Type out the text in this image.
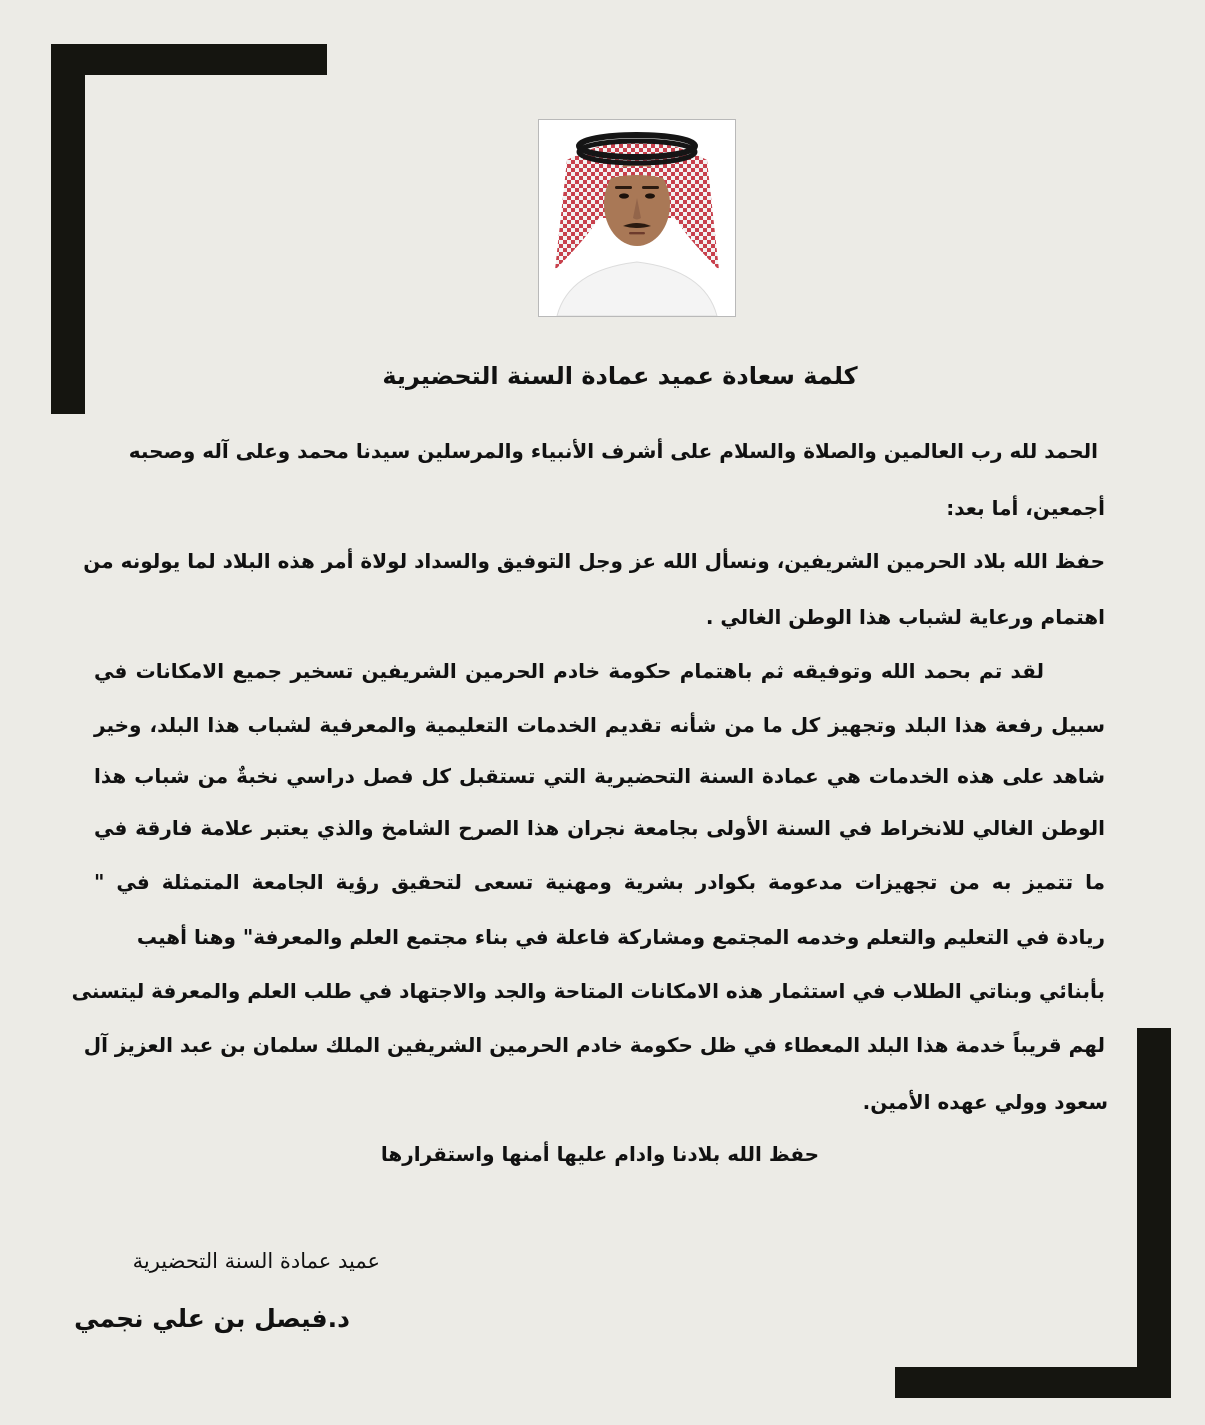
كلمة سعادة عميد عمادة السنة التحضيرية
الحمد لله رب العالمين والصلاة والسلام على أشرف الأنبياء والمرسلين سيدنا محمد وعلى آله وصحبه
أجمعين، أما بعد:
حفظ الله بلاد الحرمين الشريفين، ونسأل الله عز وجل التوفيق والسداد لولاة أمر هذه البلاد لما يولونه من
اهتمام ورعاية لشباب هذا الوطن الغالي .
لقد تم بحمد الله وتوفيقه ثم باهتمام حكومة خادم الحرمين الشريفين تسخير جميع الامكانات في
سبيل رفعة هذا البلد وتجهيز كل ما من شأنه تقديم الخدمات التعليمية والمعرفية لشباب هذا البلد، وخير
شاهد على هذه الخدمات هي عمادة السنة التحضيرية التي تستقبل كل فصل دراسي نخبةٌ من شباب هذا
الوطن الغالي للانخراط في السنة الأولى بجامعة نجران هذا الصرح الشامخ والذي يعتبر علامة فارقة في
ما تتميز به من تجهيزات مدعومة بكوادر بشرية ومهنية تسعى لتحقيق رؤية الجامعة المتمثلة في "
ريادة في التعليم والتعلم وخدمه المجتمع ومشاركة فاعلة في بناء مجتمع العلم والمعرفة" وهنا أهيب
بأبنائي وبناتي الطلاب في استثمار هذه الامكانات المتاحة والجد والاجتهاد في طلب العلم والمعرفة ليتسنى
لهم قريباً خدمة هذا البلد المعطاء في ظل حكومة خادم الحرمين الشريفين الملك سلمان بن عبد العزيز آل
سعود وولي عهده الأمين.
حفظ الله بلادنا وادام عليها أمنها واستقرارها
عميد عمادة السنة التحضيرية
د.فيصل بن علي نجمي
